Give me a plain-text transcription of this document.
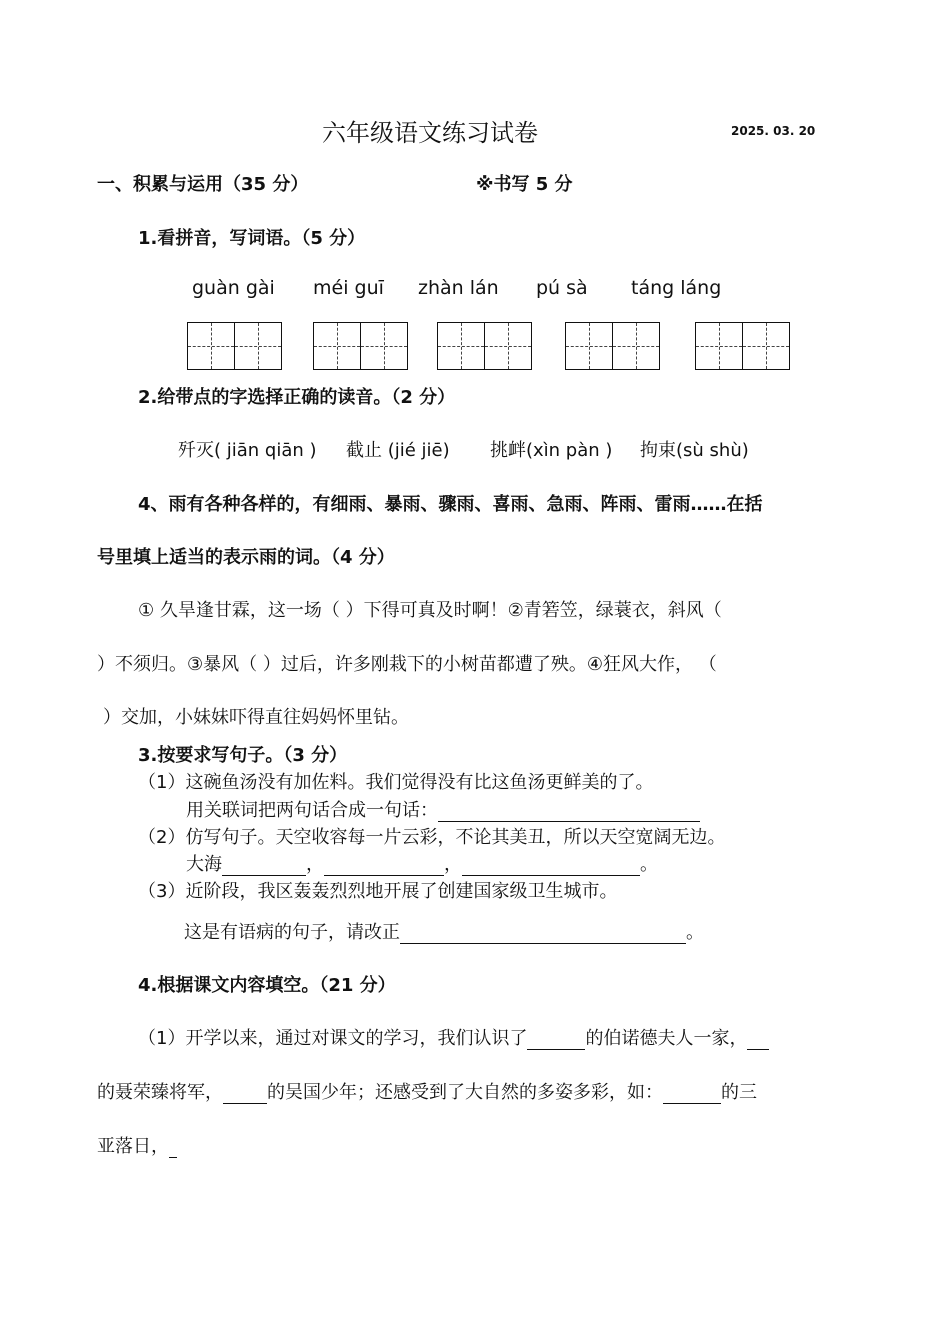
六年级语文练习试卷	2025. 03. 20
一、积累与运用（35 分）	※书写 5 分
1.看拼音，写词语。（5 分）
guàn gài méi guī zhàn lán pú sà táng láng
2.给带点的字选择正确的读音。（2 分）
歼灭( jiān qiān ) 截止 (jié jiē) 挑衅(xìn pàn ) 拘束(sù shù)
4、雨有各种各样的，有细雨、暴雨、骤雨、喜雨、急雨、阵雨、雷雨……在括
号里填上适当的表示雨的词。（4 分）
① 久旱逢甘霖，这一场（ ）下得可真及时啊！②青箬笠，绿蓑衣，斜风（
）不须归。③暴风（ ）过后，许多刚栽下的小树苗都遭了殃。④狂风大作， （
）交加，小妹妹吓得直往妈妈怀里钻。
3.按要求写句子。（3 分）
（1）这碗鱼汤没有加佐料。我们觉得没有比这鱼汤更鲜美的了。
用关联词把两句话合成一句话：
（2）仿写句子。天空收容每一片云彩，不论其美丑，所以天空宽阔无边。
大海	，	，	。
（3）近阶段，我区轰轰烈烈地开展了创建国家级卫生城市。
这是有语病的句子，请改正	。
4.根据课文内容填空。（21 分）
（1）开学以来，通过对课文的学习，我们认识了	的伯诺德夫人一家，
的聂荣臻将军， 的吴国少年；还感受到了大自然的多姿多彩，如：	的三
亚落日，
